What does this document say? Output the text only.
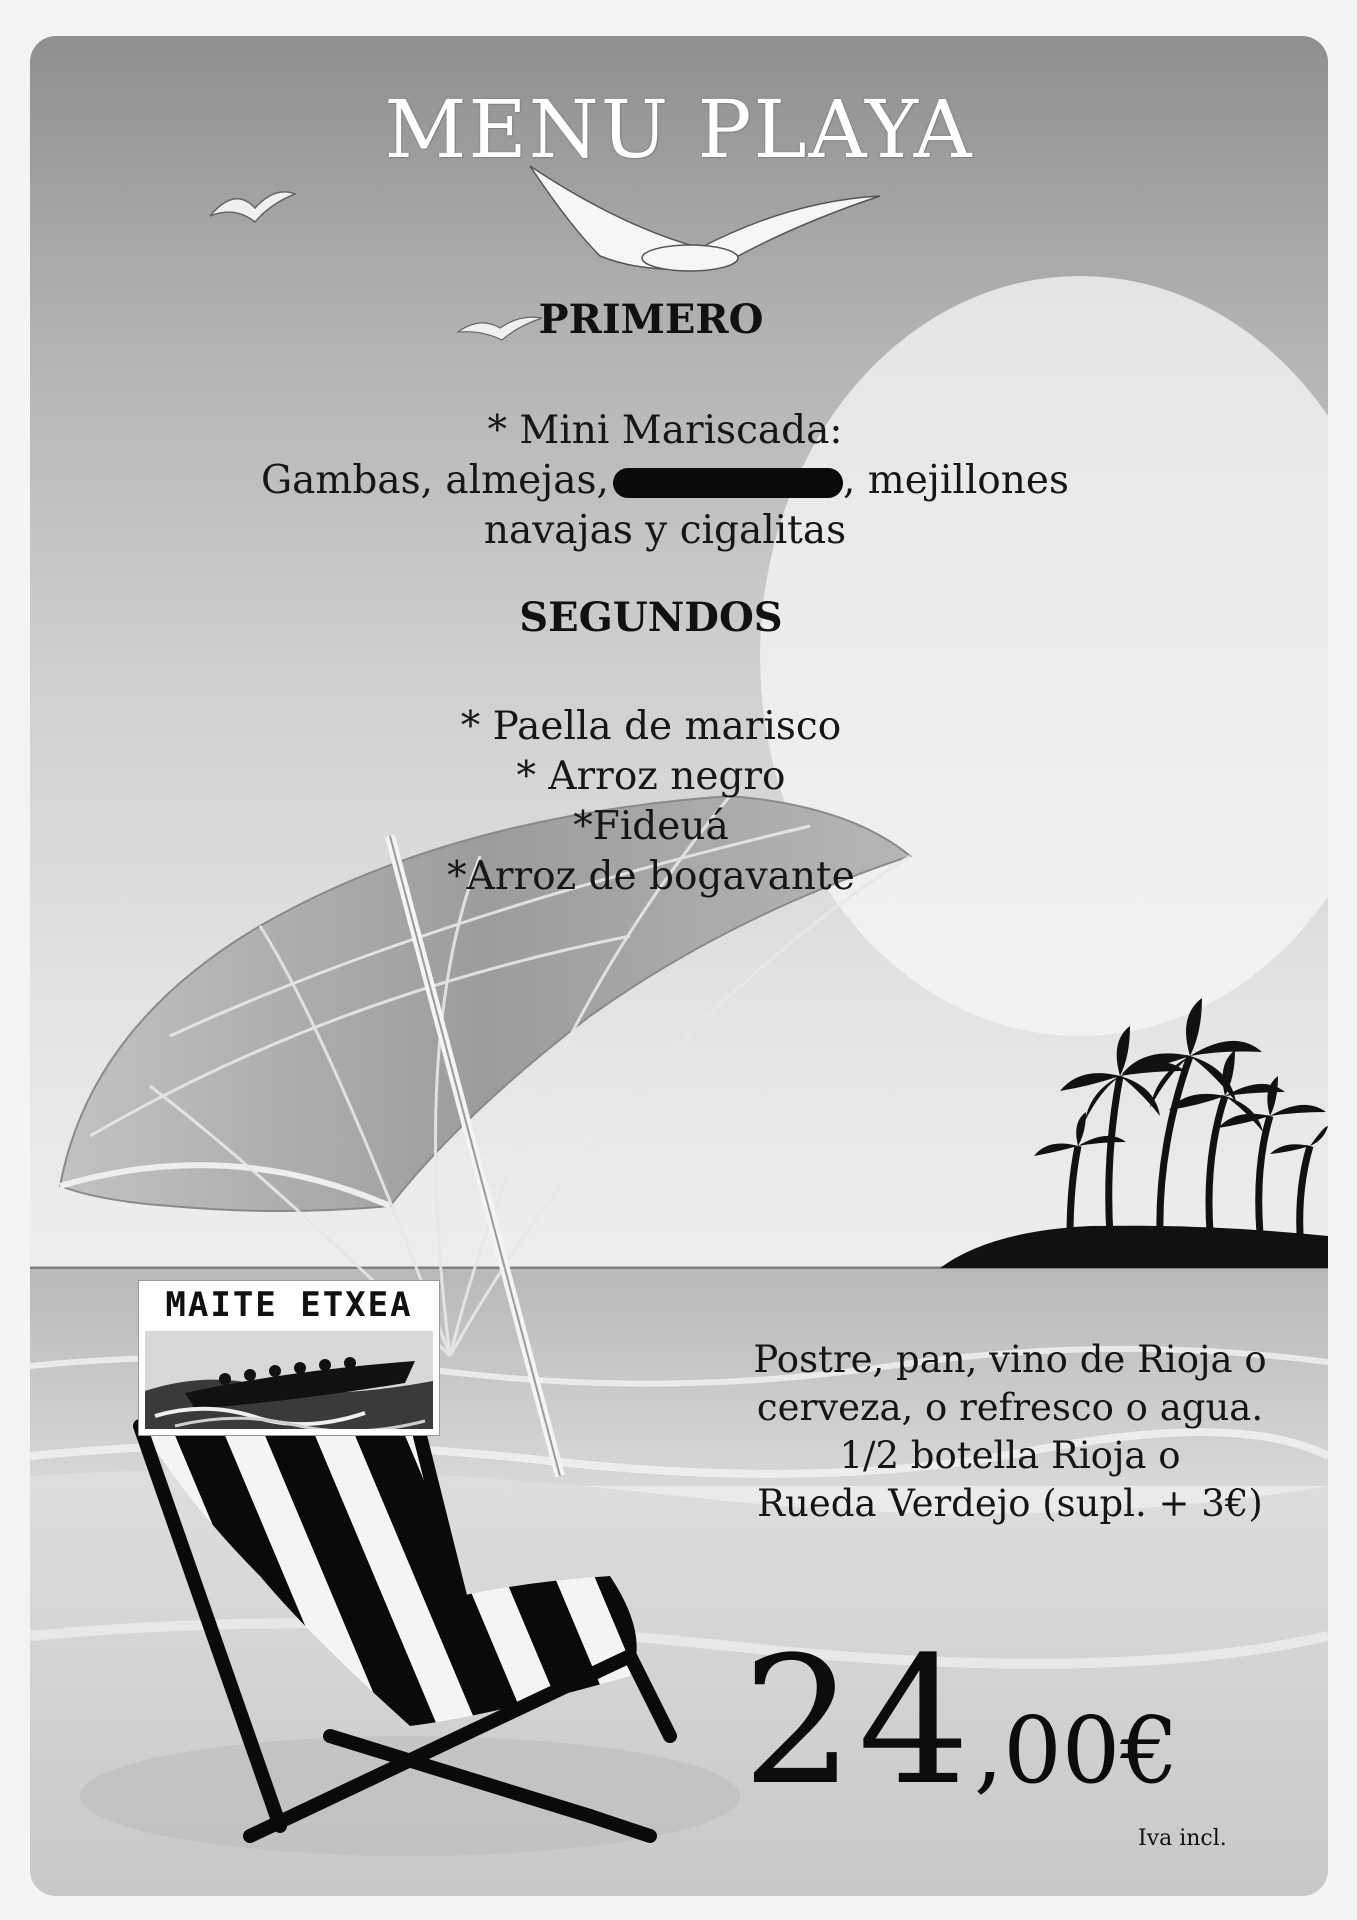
MAITE ETXEA
MENU PLAYA
PRIMERO
* Mini Mariscada:
Gambas, almejas,	, mejillones
navajas y cigalitas
SEGUNDOS
* Paella de marisco
* Arroz negro
*Fideuá
*Arroz de bogavante
Postre, pan, vino de Rioja o
cerveza, o refresco o agua.
1/2 botella Rioja o
Rueda Verdejo (supl. + 3€)
24,00€
Iva incl.
